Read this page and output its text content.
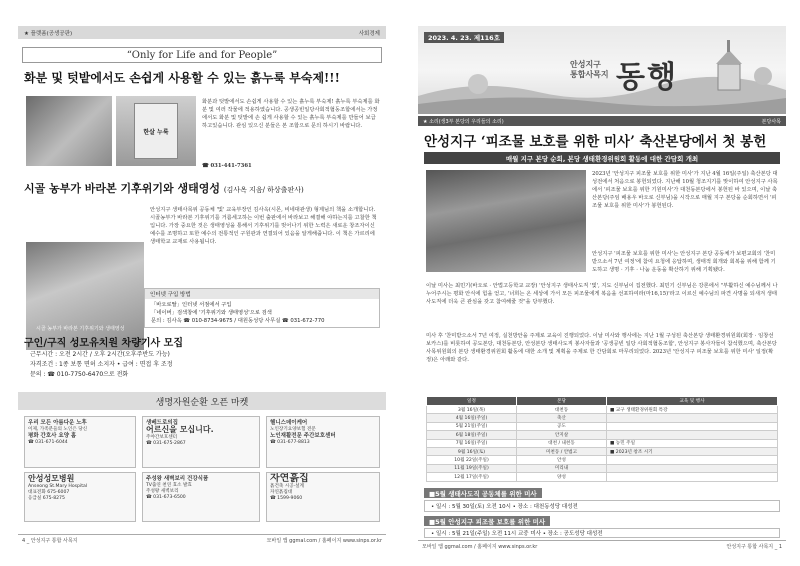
★ 플랫폼(공생공판)	사회경제
“Only for Life and for People”
화분 및 텃밭에서도 손쉽게 사용할 수 있는 흙누룩 부숙제!!!
한살 누룩
화분과 텃밭에서도 손쉽게 사용할 수 있는 흙누룩 부숙제! 흙누룩 부숙제를 화분 및 여러 작물에 적용하였습니다. 공생공빈일당사회적협동조합에서는 가정에서도 화분 및 텃밭에 손 쉽게 사용할 수 있는 흙누룩 부숙제를 만들어 보급하고있습니다. 관심 있으신 분들은 본 조합으로 문의 하시기 바랍니다.
☎ 031-441-7361
시골 농부가 바라본 기후위기와 생태영성 (김사옥 지음/ 하상출판사)
시골 농부가 바라본 기후위기와 생태영성
안성지구 생태사목위 공동체 '빛' 교육부장인 김사옥(시몬, 비네대관생) 형제님의 책을 소개합니다. 시골농부가 바라본 기후위기를 거름세고하는 이번 출판에서 바라보고 해결해 야하는지를 고찰한 책입니다. 가장 중요한 것은 생태영성을 통해서 기후위기를 벗어나기 위한 노력은 새로운 창조자이신 예수를 조명하고 또한 예수의 전통적인 구원관과 연결되어 있음을 알게해줍니다. 이 책은 가르리에 생태학교 교재로 사용됩니다.
인터넷 구입 방법
「바오로딸」인터넷 서점에서 구입
「네이버」검색창에 '기후위기와 생태영성'으로 검색
문의 : 김사옥 ☎ 010-8734-9675 / 대원동성당 사무실 ☎ 031-672-770
구인/구직 성모유치원 차량기사 모집
근무시간 : 오전 2시간 / 오후 2시간(오후주반도 가능)
자격조건 : 1종 보통 면허 소지자 • 급여 : 면접 후 조정
문의 : ☎ 010-7750-6470으로 전화
생명자원순환 오픈 마켓
우리 모든 아름다운 노후
이제, 가족분들의 노인은 당신
평화 간호사 요양 홈
☎ 031-671-6044
생베드로의집
어르신을 모십니다.
주야간보호센터
☎ 031-675-2867
헬니스데이케어
노인장기요양보험 전문
노인재활전문 주간보호센터
☎ 031-677-8813
안성성모병원
Anseong St.Mary Hospital
대표전화 675-6007
응급실 675-8275
주성왕 새벽보리 건강식품
TV출연 천연 효소 발효
주성왕 새벽보리
☎ 031-673-6500
자연흙집
흙건축 시공·설계
자연흙집대
☎ 1599-9060
4 _ 안성지구 통합 사목지	모바일 앱 ggmal.com / 홈페이지 www.sinps.or.kr
2023. 4. 23. 제116호
안성지구
통합사목지 동행
★ 소리(생3부 본당의 우리들의 소리)	본당사목
안성지구 ‘피조물 보호를 위한 미사’ 축산본당에서 첫 봉헌
매월 지구 본당 순회, 본당 생태환경위원회 활동에 대한 간담회 개최
2023년 '안성지구 피조물 보호를 위한 미사'가 지난 4월 16일(주일) 축산본당 대성전에서 처음으로 봉헌되었다. 지난해 10월 청조지기를 맞이하여 안성지구 사목에서 '피조물 보호를 위한 기원미사'가 대천동본당에서 봉헌된 바 있으며, 이날 축산본당(주임 배용우 바오로 신부님)을 시작으로 매월 지구 본당을 순회하면서 '피조물 보호를 위한 미사'가 봉헌된다.
안성지구 '피조물 보호를 위한 미사'는 안성지구 본당 공동체가 보편교회의 '찬미받으소서 7년 여정'에 참여 요청에 응답하며, 생태적 회개와 회복을 위해 함께 기도하고 생명 · 기후 · 나눔 운동을 확산하기 위해 기획됐다.
이날 미사는 최민기(바오로 · 안법고등학교 교장) '안성지구 생태사도직 '빛', 지도 신부님이 집전했다. 최민기 신부님은 강론에서 "부활하신 예수님께서 나누어주시는 평화 안식에 힘을 얻고, '너희는 온 세상에 가서 모든 피조물에게 복음을 선포하여라(마16,15)'라고 이르신 예수님의 파견 사명을 되새겨 생태사도직에 더욱 큰 관심을 갖고 참여해줄 것"을 당부했다.
미사 후 '찬미받으소서 7년 여정, 실천방안을 주제로 교육이 진행되었다. 이날 미사와 행사에는 지난 1월 구성된 축산본당 생태환경위원회(회장 · 임창선 보카스)를 비롯하여 공도본당, 대천동본당, 안성본당 생태사도직 봉사자들과 '공생공빈 일당 사회적협동조합', 안성지구 봉사자들이 참석했으며, 축산본당 사목위원회의 본당 생태환경위원회 활동에 대한 소개 및 계획을 주제로 한 간담회로 마무리되었다. 2023년 '안성지구 피조물 보호를 위한 미사' 일정(확정)은 아래와 같다.
일정	본당	교육 및 행사
3월 16일(목)	대천동	■ 교구 생태환경위원회 특강
4월 16일(주일)	축산	
5월 21일(주일)	공도	
6월 18일(주일)	안지살	
7월 16일(주일)	대천 / 내천동	■ 농민 주일
9월 16일(토)	미천동 / 안법고	■ 2023년 창조 시기
10월 22일(주일)	안성	
11월 19일(주일)	미리내	
12월 17일(주일)	양성	
■5월 생태사도직 공동체를 위한 미사
• 일시 : 5월 30일(토) 오전 10시 • 장소 : 대천동성당 대성전
■5월 안성지구 피조물 보호를 위한 미사
• 일시 : 5월 21일(주일) 오전 11시 교중 미사 • 장소 : 공도성당 대성전
모바일 앱 ggmal.com / 홈페이지 www.sinps.or.kr	안성지구 통합 사목지 _ 1
